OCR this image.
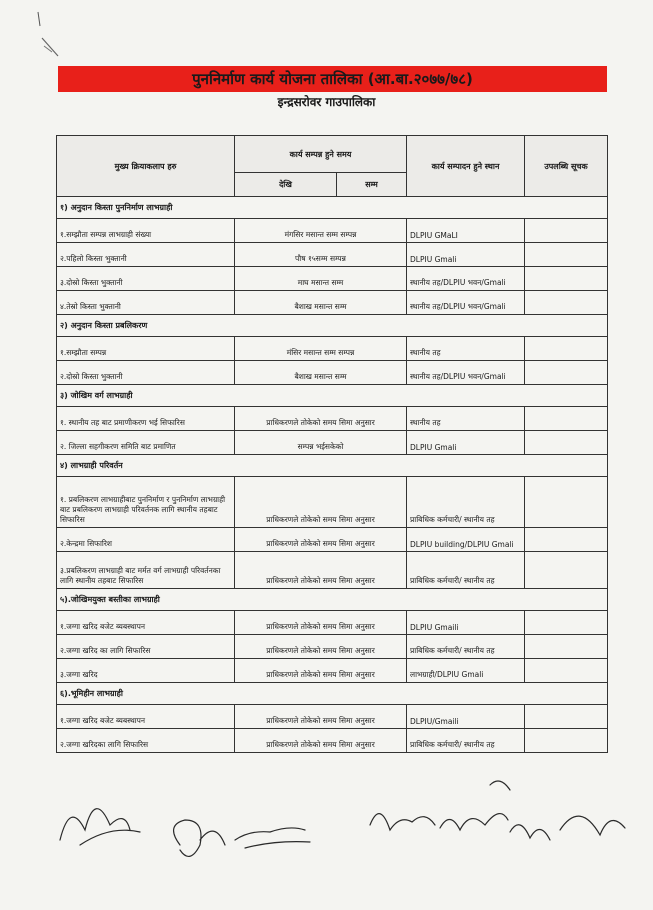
पुननिर्माण कार्य योजना तालिका (आ.बा.२०७७/७८)
इन्द्रसरोवर गाउपालिका
मुख्य क्रियाकलाप हरु	कार्य सम्पन्न हुने समय		कार्य सम्पादन हुने स्थान	उपलब्धि सूचक
	देखि	सम्म		
१) अनुदान किस्ता पुननिर्माण लाभग्राही				
१.सम्झौता सम्पन्न लाभग्राही संख्या	मंगसिर मसान्त सम्म सम्पन्न		DLPIU GMaLI	
२.पहिलो किस्ता भुक्तानी	पौष १५सम्म सम्पन्न		DLPIU Gmali	
३.दोस्रो किस्ता भुक्तानी	माघ मसान्त सम्म		स्थानीय तह/DLPIU भवन/Gmali	
४.तेस्रो किस्ता भुक्तानी	बैशाख मसान्त सम्म		स्थानीय तह/DLPIU भवन/Gmali	
२) अनुदान किस्ता प्रबलिकरण				
१.सम्झौता सम्पन्न	मंसिर मसान्त सम्म सम्पन्न		स्थानीय तह	
२.दोस्रो किस्ता भुक्तानी	बैशाख मसान्त सम्म		स्थानीय तह/DLPIU भवन/Gmali	
३) जोखिम वर्ग लाभग्राही				
१. स्थानीय तह बाट प्रमाणीकरण भई सिफारिस	प्राधिकरणले तोकेको समय सिमा अनुसार		स्थानीय तह	
२. जिल्ला सहगीकरण समिति बाट प्रमाणित	सम्पन्न भईसकेको		DLPIU Gmali	
४) लाभग्राही परिवर्तन				
१. प्रबलिकरण लाभग्राहीबाट पुननिर्माण र पुननिर्माण लाभग्राही बाट प्रबलिकरण लाभग्राही परिवर्तनक लागि स्थानीय तहबाट सिफारिस	प्राधिकरणले तोकेको समय सिमा अनुसार		प्राबिधिक कर्मचारी/ स्थानीय तह	
२.केन्द्रमा सिफारिश	प्राधिकरणले तोकेको समय सिमा अनुसार		DLPIU building/DLPIU Gmali	
३.प्रबलिकरण लाभग्राही बाट मर्मत वर्ग लाभग्राही परिवर्तनका लागि स्थानीय तहबाट सिफारिस	प्राधिकरणले तोकेको समय सिमा अनुसार		प्राबिधिक कर्मचारी/ स्थानीय तह	
५).जोखिमयुक्त बस्तीका लाभग्राही				
१.जग्गा खरिद बजेट ब्यबस्थापन	प्राधिकरणले तोकेको समय सिमा अनुसार		DLPIU Gmaili	
२.जग्गा खरिद का लागि सिफारिस	प्राधिकरणले तोकेको समय सिमा अनुसार		प्राबिधिक कर्मचारी/ स्थानीय तह	
३.जग्गा खरिद	प्राधिकरणले तोकेको समय सिमा अनुसार		लाभग्राही/DLPIU Gmali	
६).भूमिहीन लाभग्राही				
१.जग्गा खरिद बजेट ब्यबस्थापन	प्राधिकरणले तोकेको समय सिमा अनुसार		DLPIU/Gmaili	
२.जग्गा खरिदका लागि सिफारिस	प्राधिकरणले तोकेको समय सिमा अनुसार		प्राबिधिक कर्मचारी/ स्थानीय तह	
